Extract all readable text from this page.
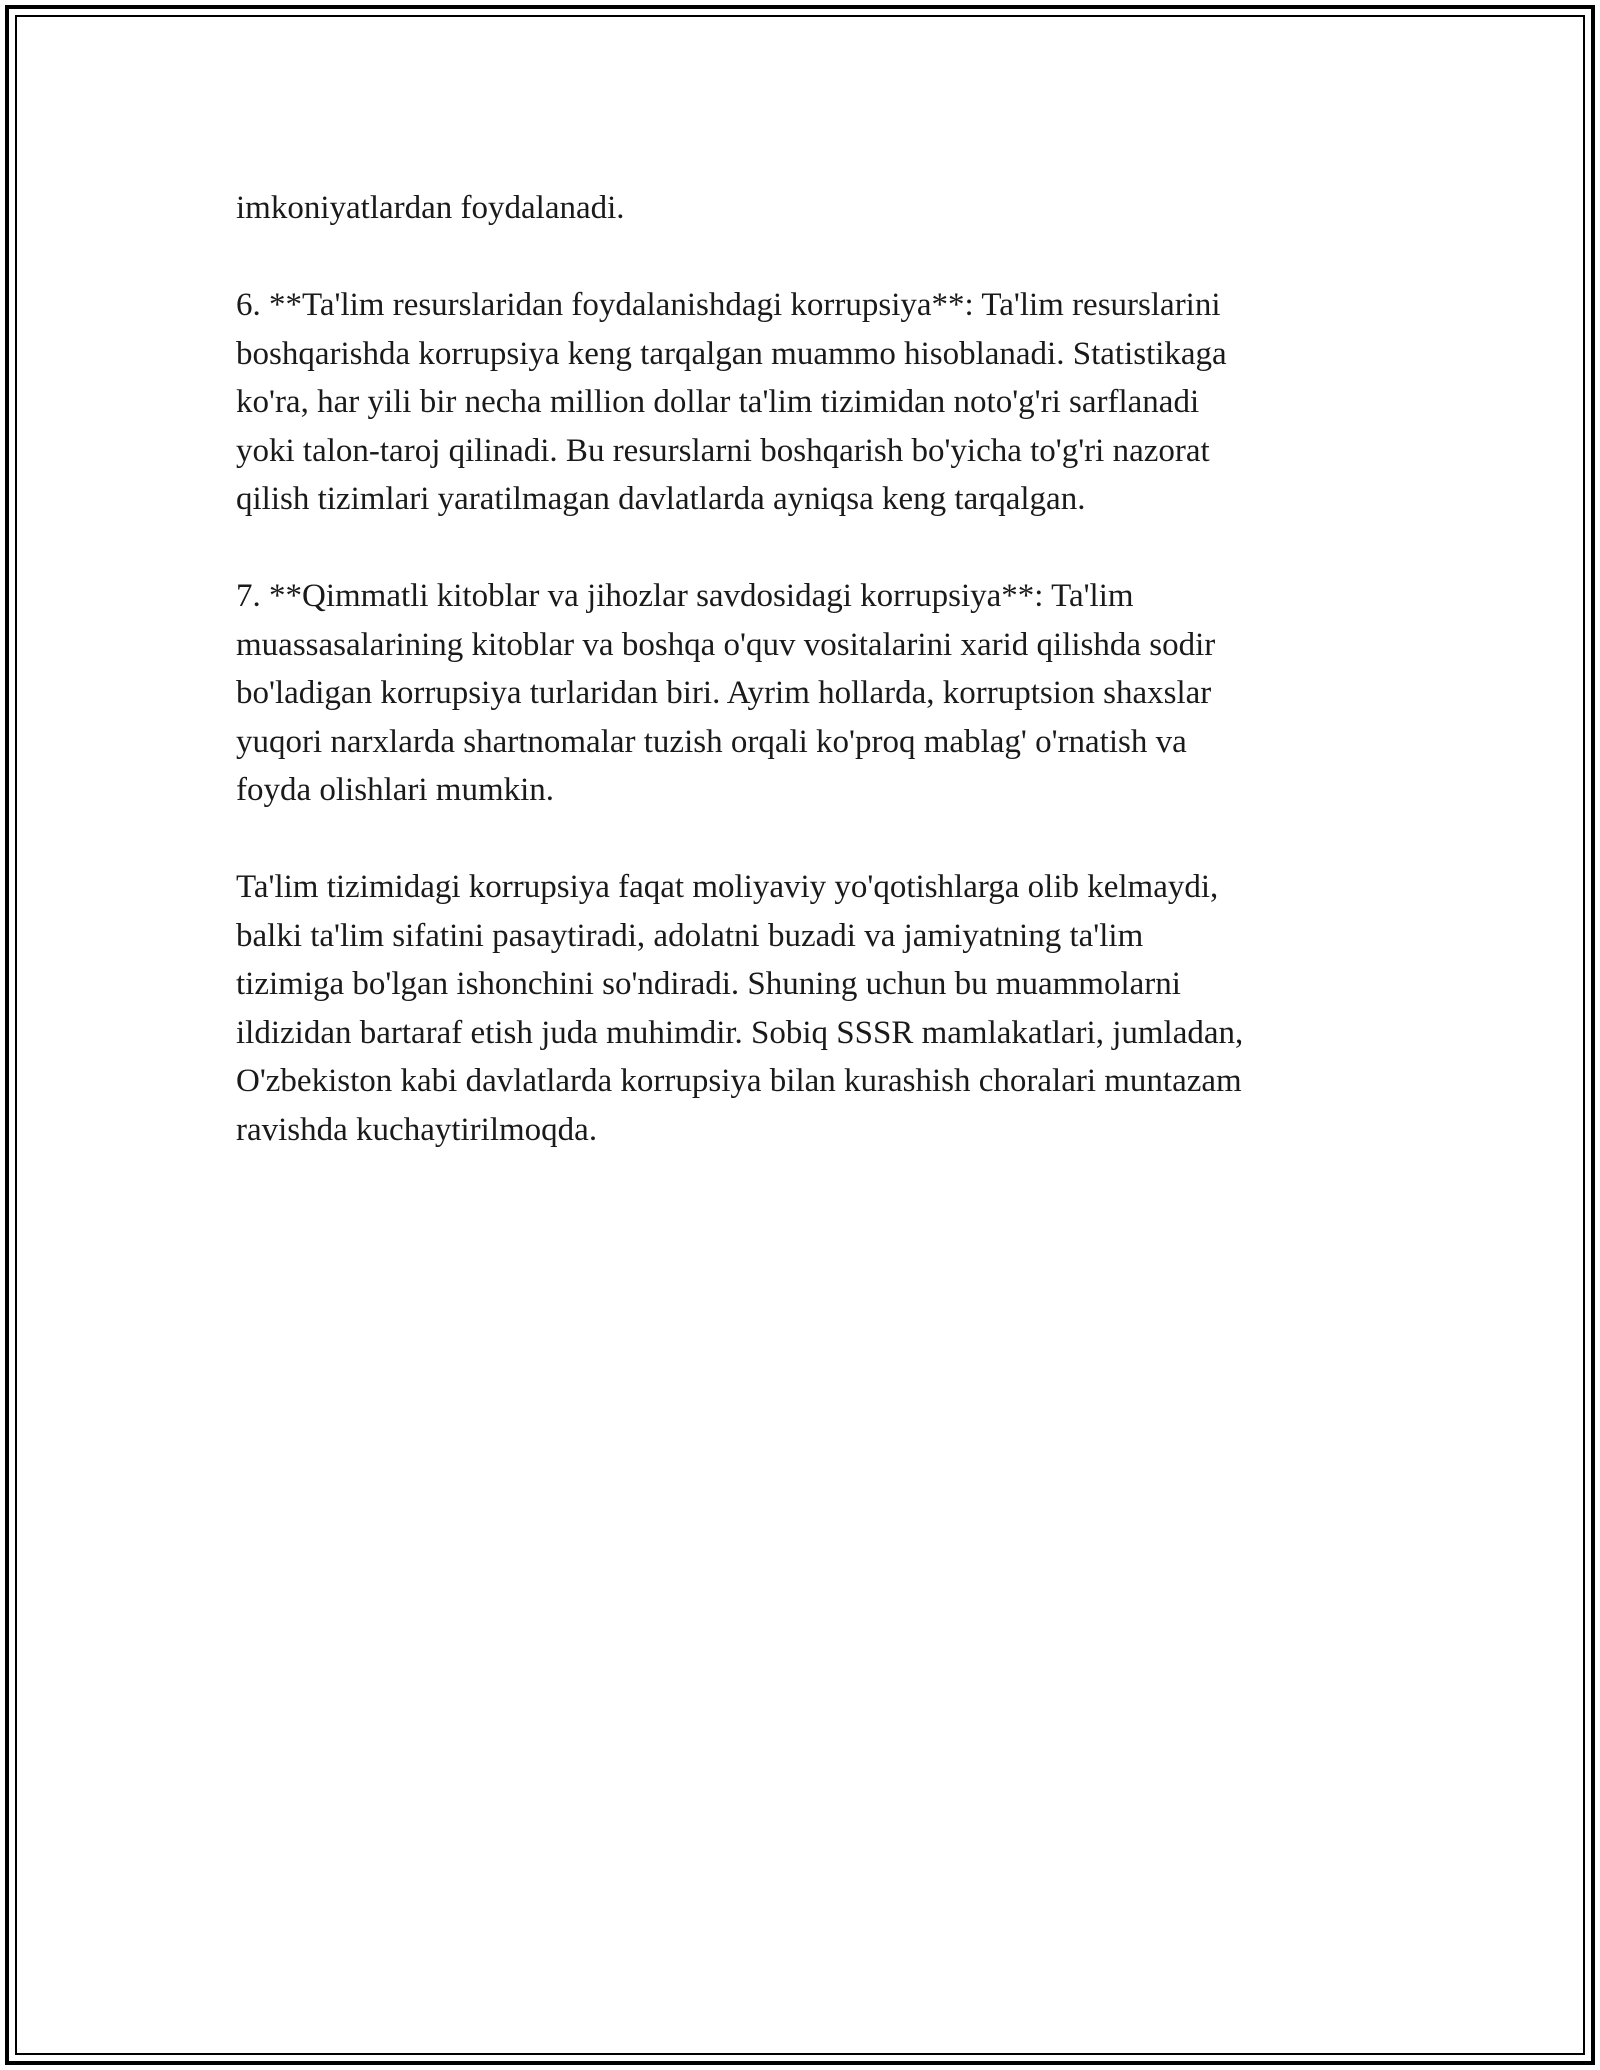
imkoniyatlardan foydalanadi.

6. **Ta'lim resurslaridan foydalanishdagi korrupsiya**: Ta'lim resurslarini
boshqarishda korrupsiya keng tarqalgan muammo hisoblanadi. Statistikaga
ko'ra, har yili bir necha million dollar ta'lim tizimidan noto'g'ri sarflanadi
yoki talon-taroj qilinadi. Bu resurslarni boshqarish bo'yicha to'g'ri nazorat
qilish tizimlari yaratilmagan davlatlarda ayniqsa keng tarqalgan.

7. **Qimmatli kitoblar va jihozlar savdosidagi korrupsiya**: Ta'lim
muassasalarining kitoblar va boshqa o'quv vositalarini xarid qilishda sodir
bo'ladigan korrupsiya turlaridan biri. Ayrim hollarda, korruptsion shaxslar
yuqori narxlarda shartnomalar tuzish orqali ko'proq mablag' o'rnatish va
foyda olishlari mumkin.

Ta'lim tizimidagi korrupsiya faqat moliyaviy yo'qotishlarga olib kelmaydi,
balki ta'lim sifatini pasaytiradi, adolatni buzadi va jamiyatning ta'lim
tizimiga bo'lgan ishonchini so'ndiradi. Shuning uchun bu muammolarni
ildizidan bartaraf etish juda muhimdir. Sobiq SSSR mamlakatlari, jumladan,
O'zbekiston kabi davlatlarda korrupsiya bilan kurashish choralari muntazam
ravishda kuchaytirilmoqda.
